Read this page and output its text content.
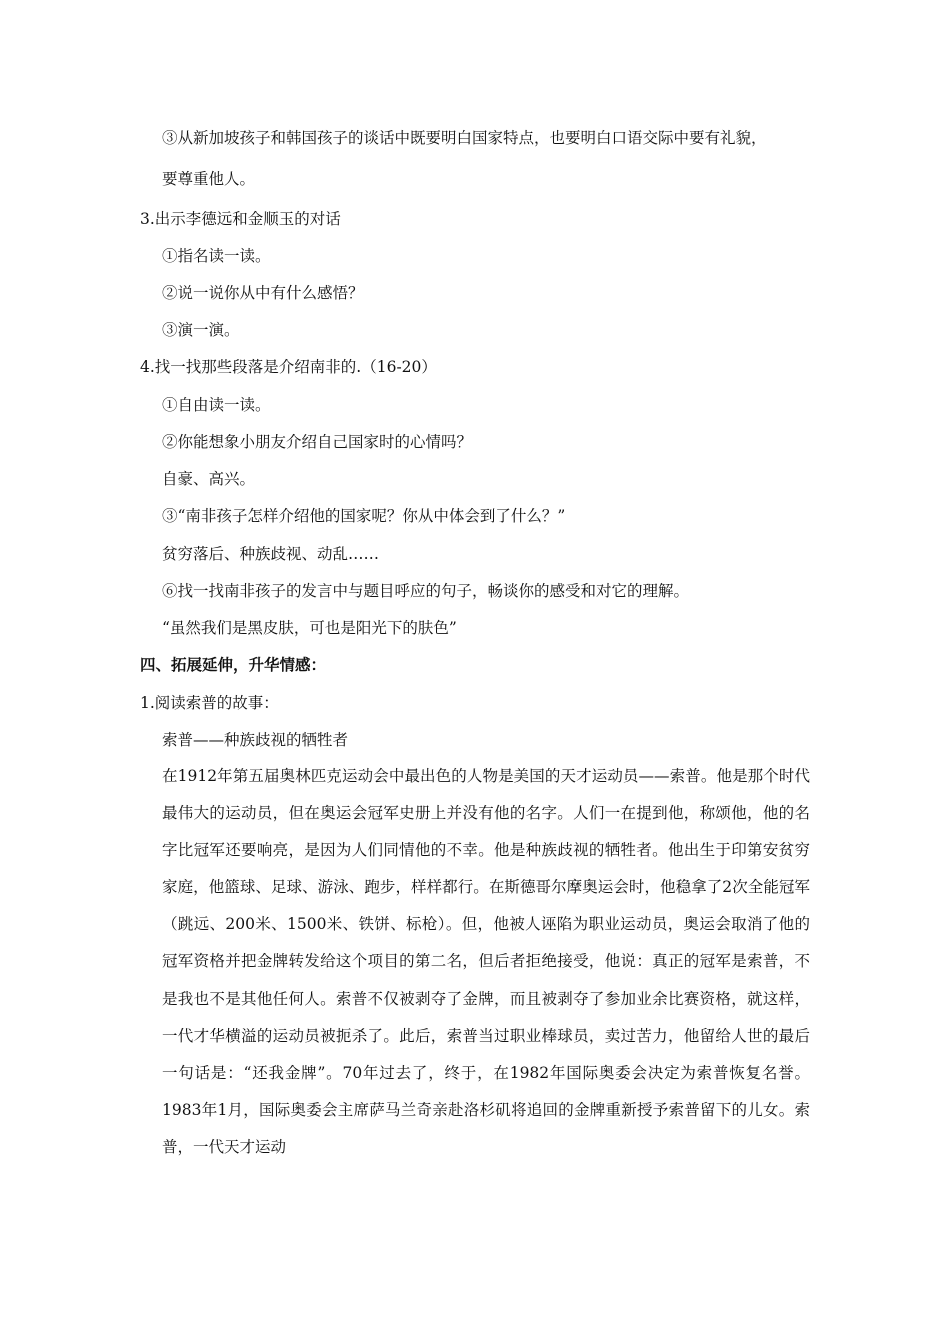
③从新加坡孩子和韩国孩子的谈话中既要明白国家特点，也要明白口语交际中要有礼貌，
要尊重他人。
3.出示李德远和金顺玉的对话
①指名读一读。
②说一说你从中有什么感悟？
③演一演。
4.找一找那些段落是介绍南非的.（16-20）
①自由读一读。
②你能想象小朋友介绍自己国家时的心情吗？
自豪、高兴。
③“南非孩子怎样介绍他的国家呢？你从中体会到了什么？”
贫穷落后、种族歧视、动乱……
⑥找一找南非孩子的发言中与题目呼应的句子，畅谈你的感受和对它的理解。
“虽然我们是黑皮肤，可也是阳光下的肤色”
四、拓展延伸，升华情感：
1.阅读索普的故事：
索普——种族歧视的牺牲者
在1912年第五届奥林匹克运动会中最出色的人物是美国的天才运动员——索普。他是那个时代最伟大的运动员，但在奥运会冠军史册上并没有他的名字。人们一在提到他，称颂他，他的名字比冠军还要响亮，是因为人们同情他的不幸。他是种族歧视的牺牲者。他出生于印第安贫穷家庭，他篮球、足球、游泳、跑步，样样都行。在斯德哥尔摩奥运会时，他稳拿了2次全能冠军（跳远、200米、1500米、铁饼、标枪）。但，他被人诬陷为职业运动员，奥运会取消了他的冠军资格并把金牌转发给这个项目的第二名，但后者拒绝接受，他说：真正的冠军是索普，不是我也不是其他任何人。索普不仅被剥夺了金牌，而且被剥夺了参加业余比赛资格，就这样，一代才华横溢的运动员被扼杀了。此后，索普当过职业棒球员，卖过苦力，他留给人世的最后一句话是：“还我金牌”。70年过去了，终于，在1982年国际奥委会决定为索普恢复名誉。1983年1月，国际奥委会主席萨马兰奇亲赴洛杉矶将追回的金牌重新授予索普留下的儿女。索普，一代天才运动
